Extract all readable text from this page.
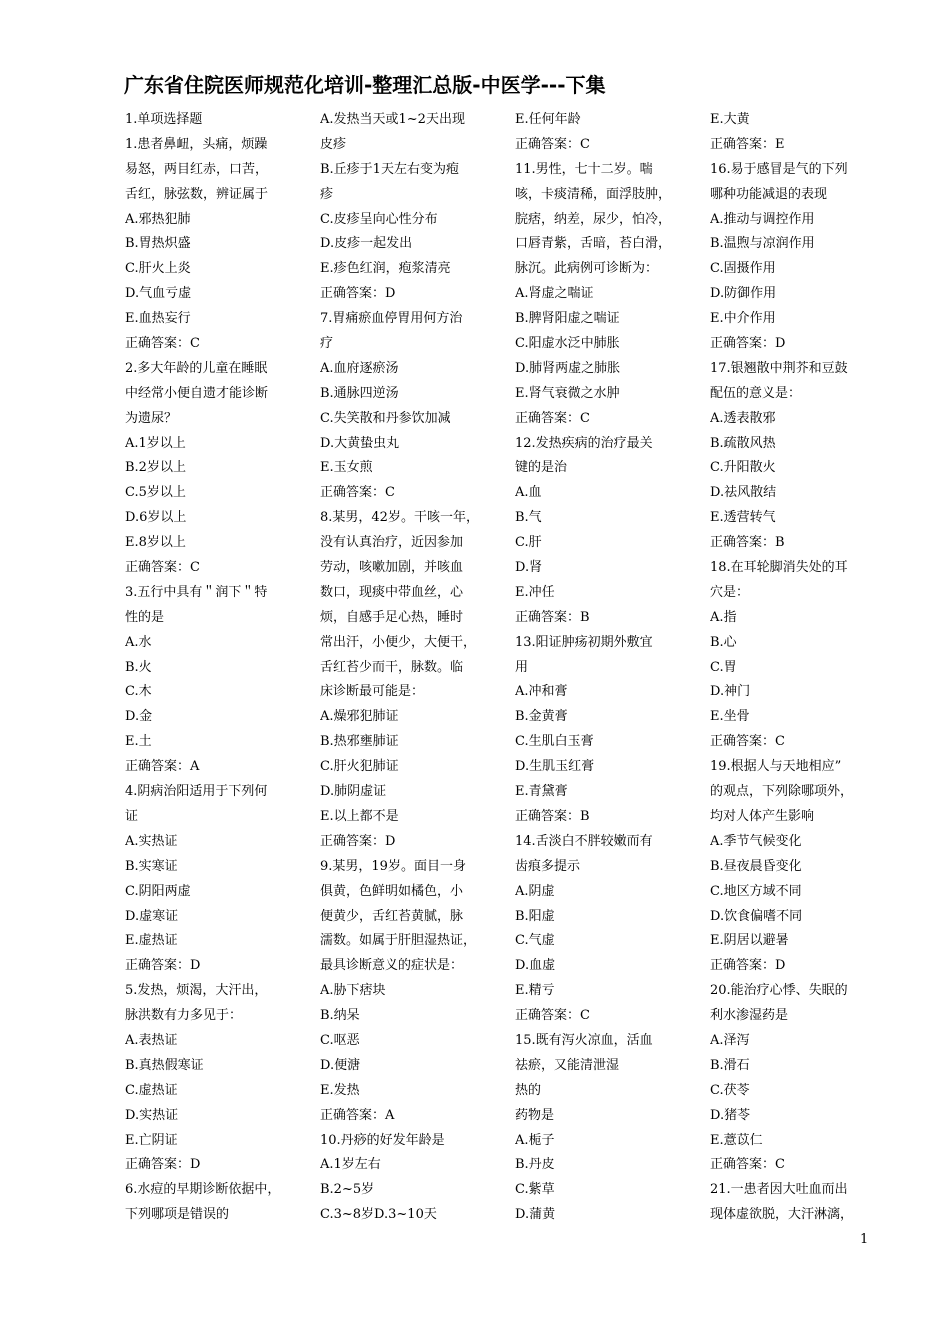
广东省住院医师规范化培训-整理汇总版-中医学---下集
1.单项选择题
1.患者鼻衄，头痛，烦躁
易怒，两目红赤，口苦，
舌红，脉弦数，辨证属于
A.邪热犯肺
B.胃热炽盛
C.肝火上炎
D.气血亏虚
E.血热妄行
正确答案：C
2.多大年龄的儿童在睡眠
中经常小便自遗才能诊断
为遗尿？
A.1岁以上
B.2岁以上
C.5岁以上
D.6岁以上
E.8岁以上
正确答案：C
3.五行中具有＂润下＂特
性的是
A.水
B.火
C.木
D.金
E.土
正确答案：A
4.阴病治阳适用于下列何
证
A.实热证
B.实寒证
C.阴阳两虚
D.虚寒证
E.虚热证
正确答案：D
5.发热，烦渴，大汗出，
脉洪数有力多见于：
A.表热证
B.真热假寒证
C.虚热证
D.实热证
E.亡阴证
正确答案：D
6.水痘的早期诊断依据中，
下列哪项是错误的
A.发热当天或1~2天出现
皮疹
B.丘疹于1天左右变为疱
疹
C.皮疹呈向心性分布
D.皮疹一起发出
E.疹色红润，疱浆清亮
正确答案：D
7.胃痛瘀血停胃用何方治
疗
A.血府逐瘀汤
B.通脉四逆汤
C.失笑散和丹参饮加减
D.大黄蛰虫丸
E.玉女煎
正确答案：C
8.某男，42岁。干咳一年，
没有认真治疗，近因参加
劳动，咳嗽加剧，并咳血
数口，现痰中带血丝，心
烦，自感手足心热，睡时
常出汗，小便少，大便干，
舌红苔少而干，脉数。临
床诊断最可能是：
A.燥邪犯肺证
B.热邪壅肺证
C.肝火犯肺证
D.肺阴虚证
E.以上都不是
正确答案：D
9.某男，19岁。面目一身
俱黄，色鲜明如橘色，小
便黄少，舌红苔黄腻，脉
濡数。如属于肝胆湿热证，
最具诊断意义的症状是：
A.胁下痞块
B.纳呆
C.呕恶
D.便溏
E.发热
正确答案：A
10.丹痧的好发年龄是
A.1岁左右
B.2~5岁
C.3~8岁D.3~10天
E.任何年龄
正确答案：C
11.男性，七十二岁。喘
咳，卡痰清稀，面浮肢肿，
脘痞，纳差，尿少，怕冷，
口唇青紫，舌暗，苔白滑，
脉沉。此病例可诊断为：
A.肾虚之喘证
B.脾肾阳虚之喘证
C.阳虚水泛中肺胀
D.肺肾两虚之肺胀
E.肾气衰微之水肿
正确答案：C
12.发热疾病的治疗最关
键的是治
A.血
B.气
C.肝
D.肾
E.冲任
正确答案：B
13.阳证肿疡初期外敷宜
用
A.冲和膏
B.金黄膏
C.生肌白玉膏
D.生肌玉红膏
E.青黛膏
正确答案：B
14.舌淡白不胖较嫩而有
齿痕多提示
A.阴虚
B.阳虚
C.气虚
D.血虚
E.精亏
正确答案：C
15.既有泻火凉血，活血
祛瘀，又能清泄湿
热的
药物是
A.栀子
B.丹皮
C.紫草
D.蒲黄
E.大黄
正确答案：E
16.易于感冒是气的下列
哪种功能减退的表现
A.推动与调控作用
B.温煦与凉润作用
C.固摄作用
D.防御作用
E.中介作用
正确答案：D
17.银翘散中荆芥和豆鼓
配伍的意义是：
A.透表散邪
B.疏散风热
C.升阳散火
D.祛风散结
E.透营转气
正确答案：B
18.在耳轮脚消失处的耳
穴是：
A.指
B.心
C.胃
D.神门
E.坐骨
正确答案：C
19.根据人与天地相应”
的观点，下列除哪项外，
均对人体产生影响
A.季节气候变化
B.昼夜晨昏变化
C.地区方域不同
D.饮食偏嗜不同
E.阴居以避暑
正确答案：D
20.能治疗心悸、失眠的
利水渗湿药是
A.泽泻
B.滑石
C.茯苓
D.猪苓
E.薏苡仁
正确答案：C
21.一患者因大吐血而出
现体虚欲脱，大汗淋漓，
1
